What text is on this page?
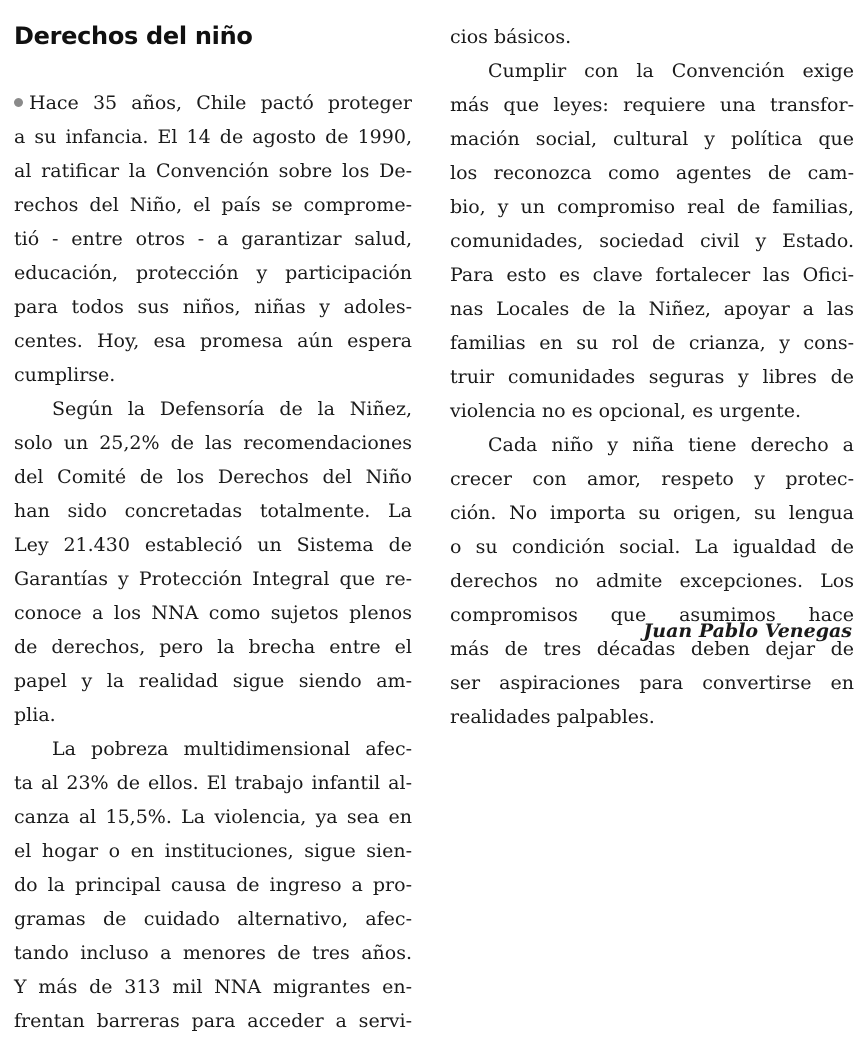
Derechos del niño
Hace 35 años, Chile pactó proteger
a su infancia. El 14 de agosto de 1990,
al ratificar la Convención sobre los De-
rechos del Niño, el país se comprome-
tió - entre otros - a garantizar salud,
educación, protección y participación
para todos sus niños, niñas y adoles-
centes. Hoy, esa promesa aún espera
cumplirse.
Según la Defensoría de la Niñez,
solo un 25,2% de las recomendaciones
del Comité de los Derechos del Niño
han sido concretadas totalmente. La
Ley 21.430 estableció un Sistema de
Garantías y Protección Integral que re-
conoce a los NNA como sujetos plenos
de derechos, pero la brecha entre el
papel y la realidad sigue siendo am-
plia.
La pobreza multidimensional afec-
ta al 23% de ellos. El trabajo infantil al-
canza al 15,5%. La violencia, ya sea en
el hogar o en instituciones, sigue sien-
do la principal causa de ingreso a pro-
gramas de cuidado alternativo, afec-
tando incluso a menores de tres años.
Y más de 313 mil NNA migrantes en-
frentan barreras para acceder a servi-
cios básicos.
Cumplir con la Convención exige
más que leyes: requiere una transfor-
mación social, cultural y política que
los reconozca como agentes de cam-
bio, y un compromiso real de familias,
comunidades, sociedad civil y Estado.
Para esto es clave fortalecer las Ofici-
nas Locales de la Niñez, apoyar a las
familias en su rol de crianza, y cons-
truir comunidades seguras y libres de
violencia no es opcional, es urgente.
Cada niño y niña tiene derecho a
crecer con amor, respeto y protec-
ción. No importa su origen, su lengua
o su condición social. La igualdad de
derechos no admite excepciones. Los
compromisos que asumimos hace
más de tres décadas deben dejar de
ser aspiraciones para convertirse en
realidades palpables.
Juan Pablo Venegas
